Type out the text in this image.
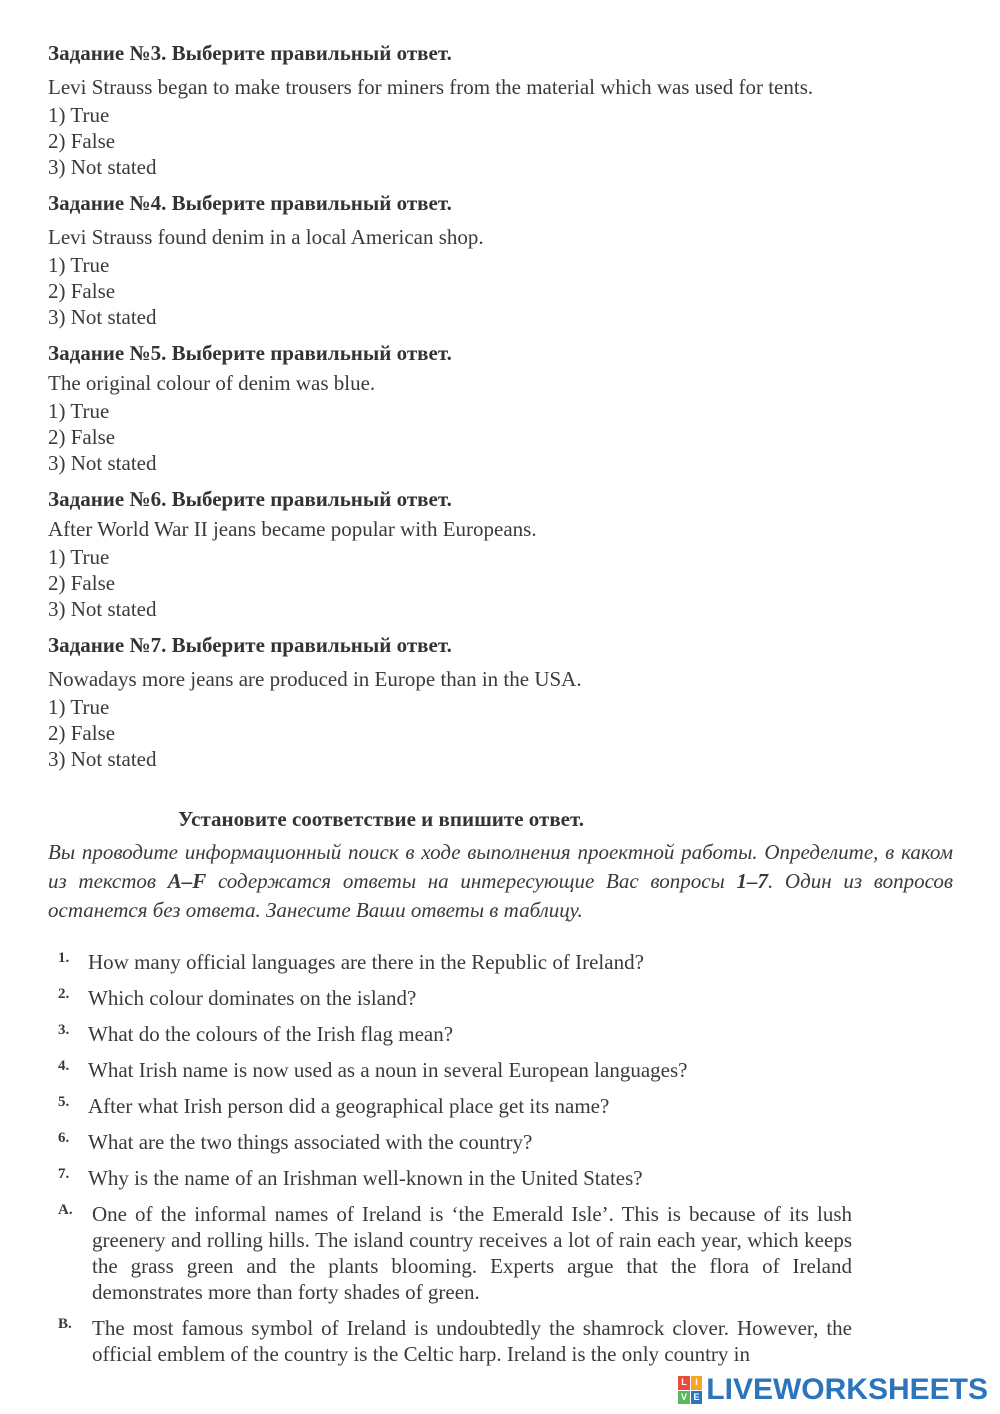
Задание №3. Выберите правильный ответ.

Levi Strauss began to make trousers for miners from the material which was used for tents.

1) True

2) False

3) Not stated

Задание №4. Выберите правильный ответ.

Levi Strauss found denim in a local American shop.

1) True

2) False

3) Not stated

Задание №5. Выберите правильный ответ.

The original colour of denim was blue.

1) True

2) False

3) Not stated

Задание №6. Выберите правильный ответ.

After World War II jeans became popular with Europeans.

1) True

2) False

3) Not stated

Задание №7. Выберите правильный ответ.

Nowadays more jeans are produced in Europe than in the USA.

1) True

2) False

3) Not stated

Установите соответствие и впишите ответ.

Вы проводите информационный поиск в ходе выполнения проектной работы. Определите, в каком из текстов A–F содержатся ответы на интересующие Вас вопросы 1–7. Один из вопросов останется без ответа. Занесите Ваши ответы в таблицу.

1. How many official languages are there in the Republic of Ireland?
2. Which colour dominates on the island?
3. What do the colours of the Irish flag mean?
4. What Irish name is now used as a noun in several European languages?
5. After what Irish person did a geographical place get its name?
6. What are the two things associated with the country?
7. Why is the name of an Irishman well-known in the United States?
A. One of the informal names of Ireland is ‘the Emerald Isle’. This is because of its lush greenery and rolling hills. The island country receives a lot of rain each year, which keeps the grass green and the plants blooming. Experts argue that the flora of Ireland demonstrates more than forty shades of green.
B. The most famous symbol of Ireland is undoubtedly the shamrock clover. However, the official emblem of the country is the Celtic harp. Ireland is the only country in
L I
V E LIVEWORKSHEETS
